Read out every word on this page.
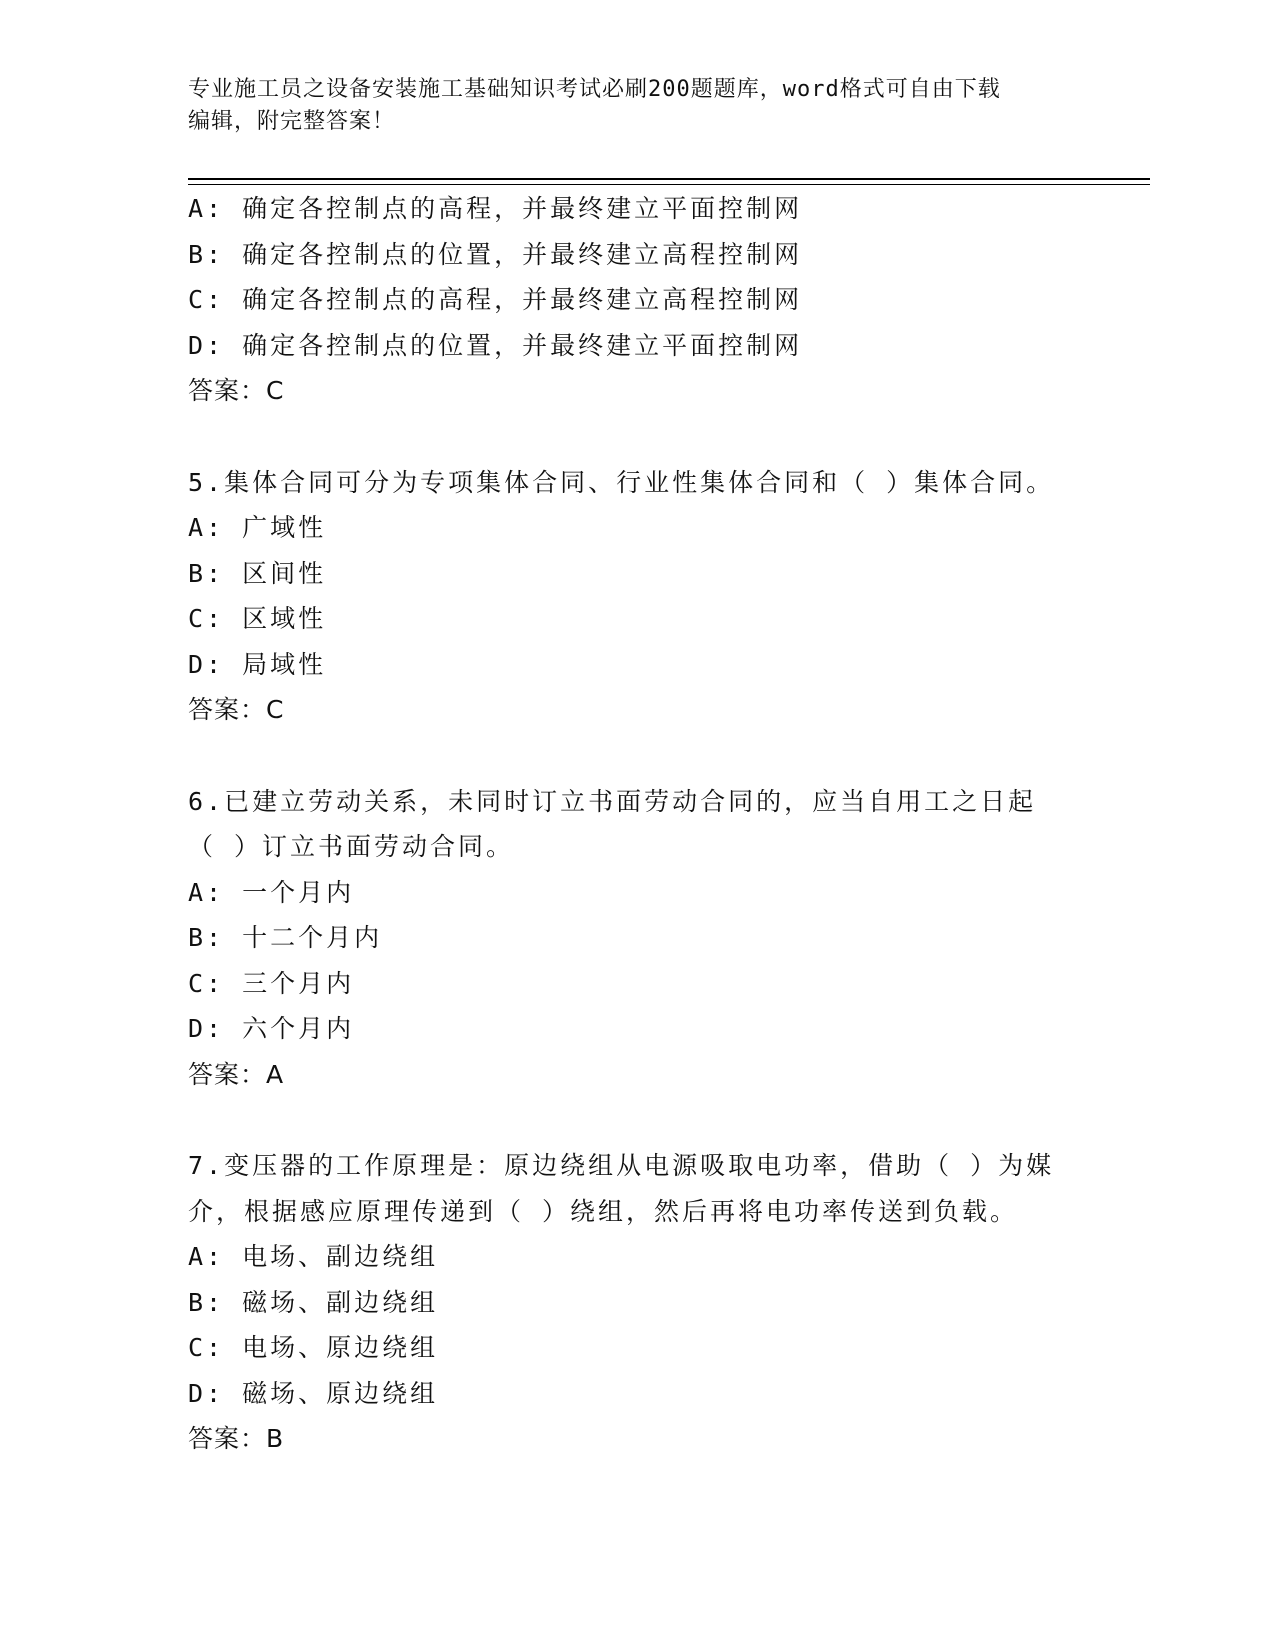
专业施工员之设备安装施工基础知识考试必刷200题题库，word格式可自由下载
编辑，附完整答案！
A: 确定各控制点的高程，并最终建立平面控制网
B: 确定各控制点的位置，并最终建立高程控制网
C: 确定各控制点的高程，并最终建立高程控制网
D: 确定各控制点的位置，并最终建立平面控制网
答案：C
5.集体合同可分为专项集体合同、行业性集体合同和（ ）集体合同。
A: 广域性
B: 区间性
C: 区域性
D: 局域性
答案：C
6.已建立劳动关系，未同时订立书面劳动合同的，应当自用工之日起
（ ）订立书面劳动合同。
A: 一个月内
B: 十二个月内
C: 三个月内
D: 六个月内
答案：A
7.变压器的工作原理是：原边绕组从电源吸取电功率，借助（ ）为媒
介，根据感应原理传递到（ ）绕组，然后再将电功率传送到负载。
A: 电场、副边绕组
B: 磁场、副边绕组
C: 电场、原边绕组
D: 磁场、原边绕组
答案：B
